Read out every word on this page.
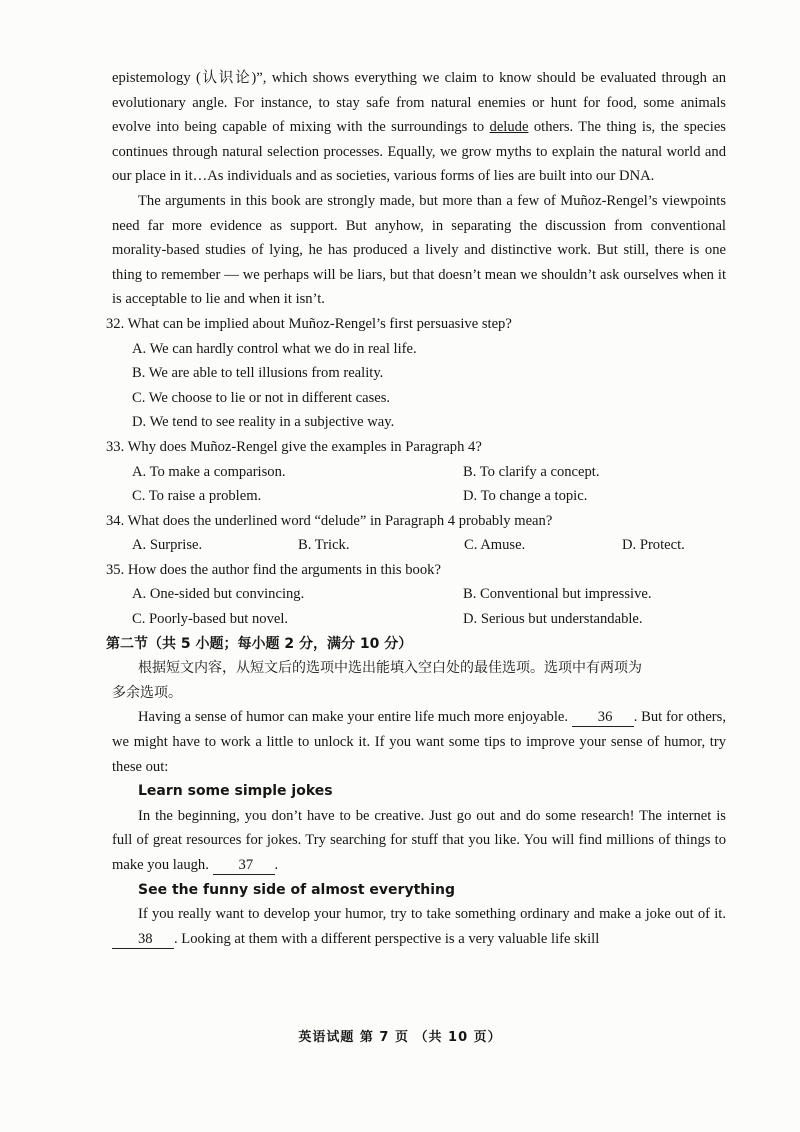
epistemology (认识论)”, which shows everything we claim to know should be evaluated through an evolutionary angle. For instance, to stay safe from natural enemies or hunt for food, some animals evolve into being capable of mixing with the surroundings to delude others. The thing is, the species continues through natural selection processes. Equally, we grow myths to explain the natural world and our place in it…As individuals and as societies, various forms of lies are built into our DNA.

The arguments in this book are strongly made, but more than a few of Muñoz-Rengel’s viewpoints need far more evidence as support. But anyhow, in separating the discussion from conventional morality-based studies of lying, he has produced a lively and distinctive work. But still, there is one thing to remember — we perhaps will be liars, but that doesn’t mean we shouldn’t ask ourselves when it is acceptable to lie and when it isn’t.

32. What can be implied about Muñoz-Rengel’s first persuasive step?

A. We can hardly control what we do in real life.

B. We are able to tell illusions from reality.

C. We choose to lie or not in different cases.

D. We tend to see reality in a subjective way.

33. Why does Muñoz-Rengel give the examples in Paragraph 4?

A. To make a comparison.	B. To clarify a concept.
C. To raise a problem.	D. To change a topic.

34. What does the underlined word “delude” in Paragraph 4 probably mean?

A. Surprise.	B. Trick.	C. Amuse.	D. Protect.

35. How does the author find the arguments in this book?

A. One-sided but convincing.	B. Conventional but impressive.
C. Poorly-based but novel.	D. Serious but understandable.

第二节（共 5 小题；每小题 2 分，满分 10 分）

根据短文内容，从短文后的选项中选出能填入空白处的最佳选项。选项中有两项为

多余选项。

Having a sense of humor can make your entire life much more enjoyable. 36 . But for others, we might have to work a little to unlock it. If you want some tips to improve your sense of humor, try these out:

Learn some simple jokes

In the beginning, you don’t have to be creative. Just go out and do some research! The internet is full of great resources for jokes. Try searching for stuff that you like. You will find millions of things to make you laugh. 37 .

See the funny side of almost everything

If you really want to develop your humor, try to take something ordinary and make a joke out of it. 38 . Looking at them with a different perspective is a very valuable life skill

英语试题 第 7 页 （共 10 页）
